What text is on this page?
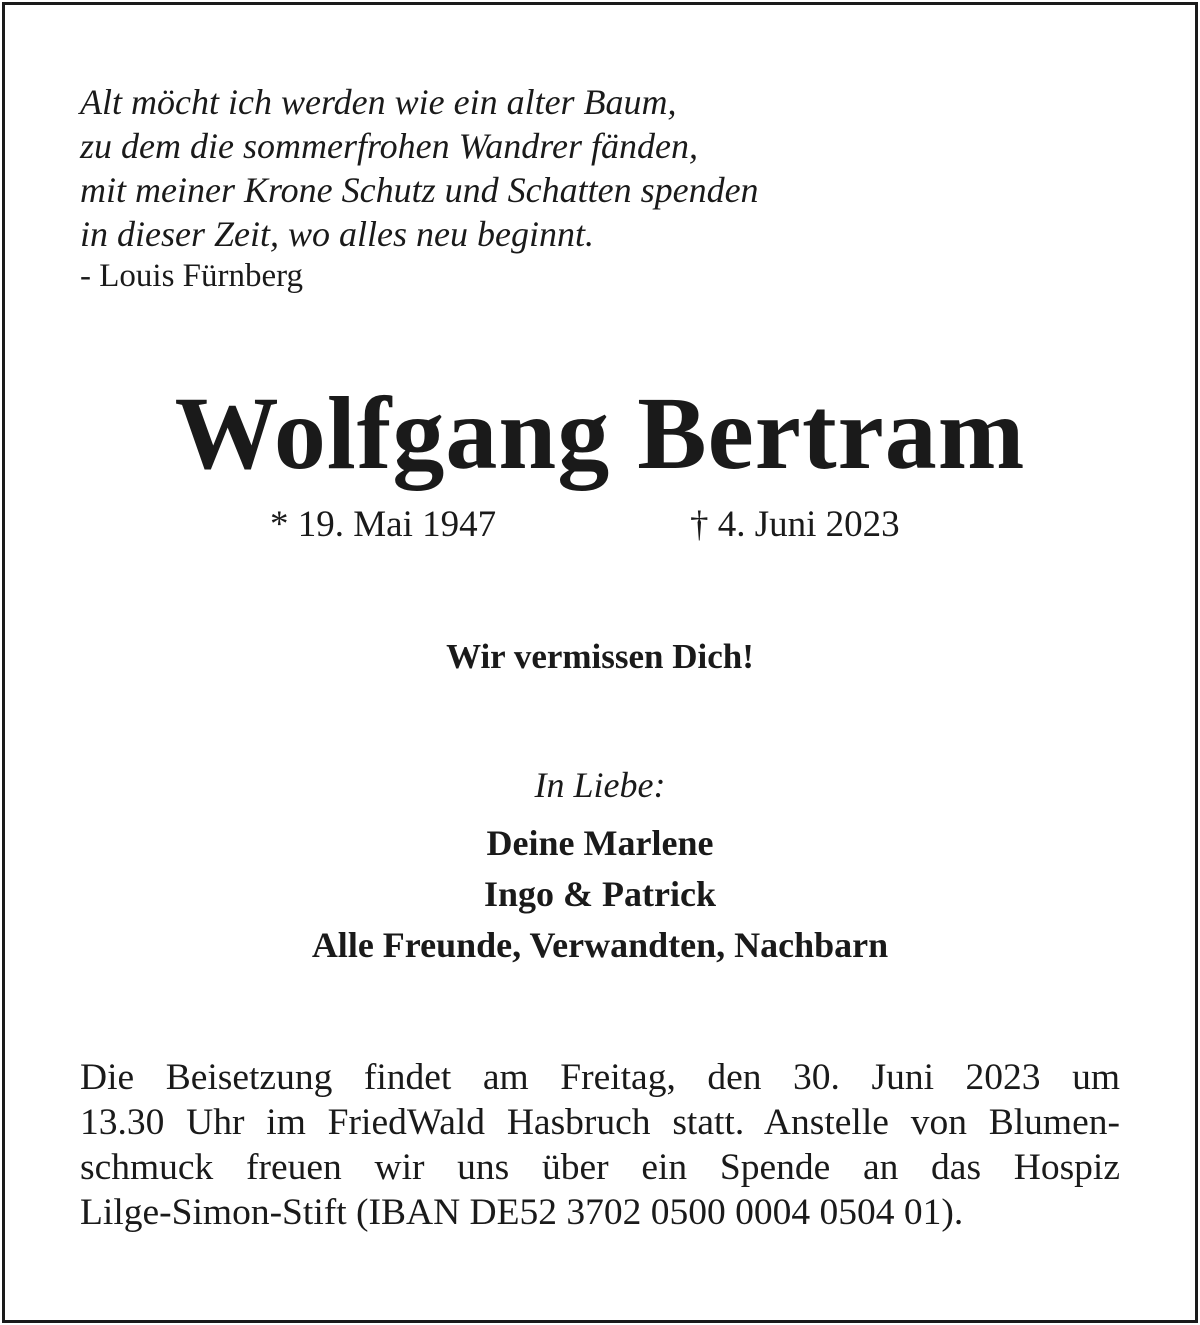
Alt möcht ich werden wie ein alter Baum,
zu dem die sommerfrohen Wandrer fänden,
mit meiner Krone Schutz und Schatten spenden
in dieser Zeit, wo alles neu beginnt.
- Louis Fürnberg
Wolfgang Bertram
* 19. Mai 1947	† 4. Juni 2023
Wir vermissen Dich!
In Liebe:
Deine Marlene
Ingo & Patrick
Alle Freunde, Verwandten, Nachbarn
Die Beisetzung findet am Freitag, den 30. Juni 2023 um
13.30 Uhr im FriedWald Hasbruch statt. Anstelle von Blumen-
schmuck freuen wir uns über ein Spende an das Hospiz
Lilge-Simon-Stift (IBAN DE52 3702 0500 0004 0504 01).
